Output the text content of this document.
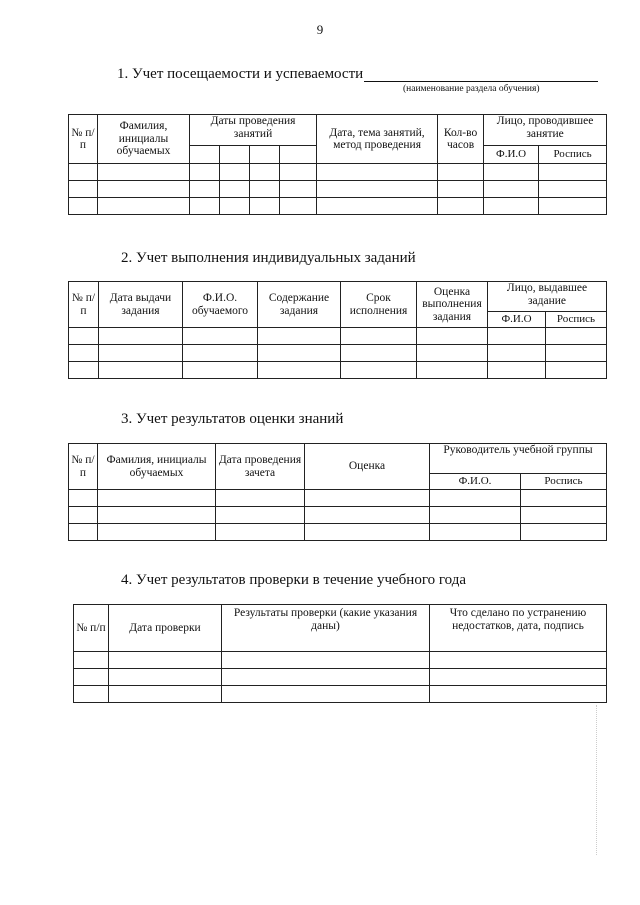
9
1. Учет посещаемости и успеваемости
(наименование раздела обучения)
№ п/п	Фамилия, инициалы обучаемых	Даты проведения занятий				Дата, тема занятий, метод проведения	Кол-во часов	Лицо, проводившее занятие	
								Ф.И.О	Роспись

2. Учет выполнения индивидуальных заданий
№ п/п	Дата выдачи задания	Ф.И.О. обучаемого	Содержание задания	Срок исполнения	Оценка выполнения задания	Лицо, выдавшее задание	
						Ф.И.О	Роспись

3. Учет результатов оценки знаний
№ п/п	Фамилия, инициалы обучаемых	Дата проведения зачета	Оценка	Руководитель учебной группы	
				Ф.И.О.	Роспись

4. Учет результатов проверки в течение учебного года
№ п/п	Дата проверки	Результаты проверки (какие указания даны)	Что сделано по устранению недостатков, дата, подпись
